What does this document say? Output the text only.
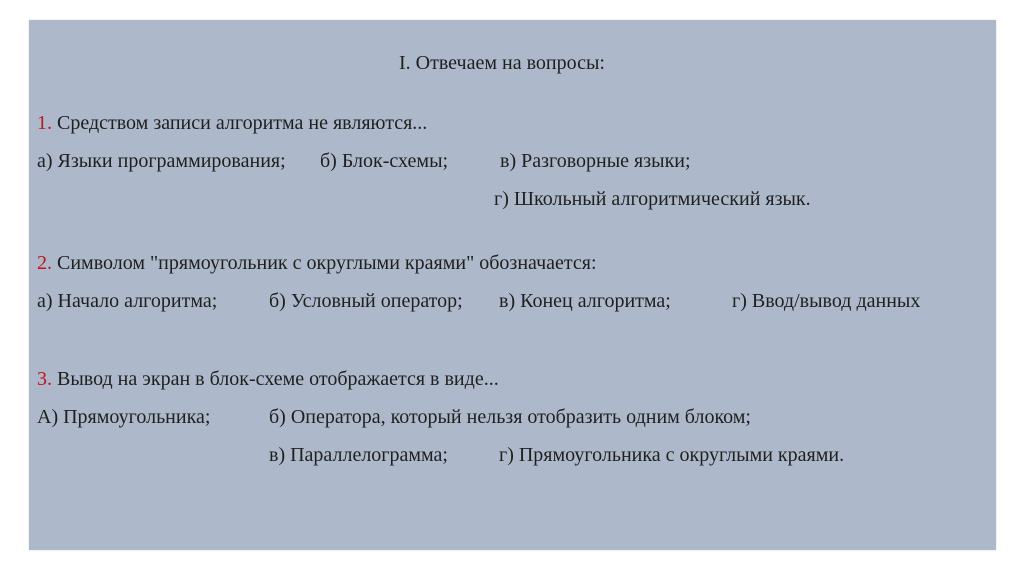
I. Отвечаем на вопросы:
1. Средством записи алгоритма не являются...
а) Языки программирования; б) Блок-схемы;	в) Разговорные языки;
г) Школьный алгоритмический язык.
2. Символом "прямоугольник с округлыми краями" обозначается:
а) Начало алгоритма;	б) Условный оператор; в) Конец алгоритма;	г) Ввод/вывод данных
3. Вывод на экран в блок-схеме отображается в виде...
А) Прямоугольника;	б) Оператора, который нельзя отобразить одним блоком;
в) Параллелограмма;	г) Прямоугольника с округлыми краями.
